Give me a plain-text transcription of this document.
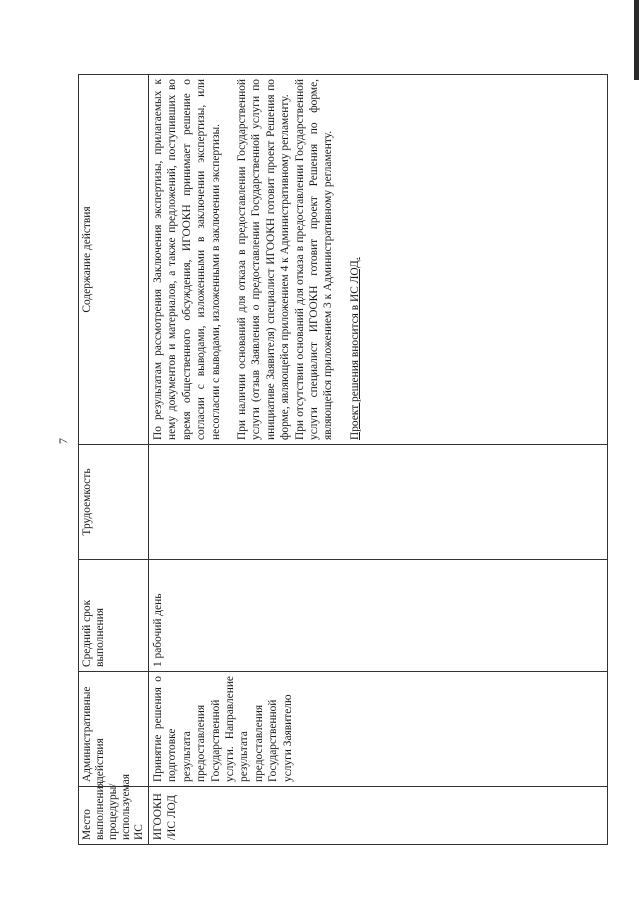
7
Место выполнения процедуры/используемая ИС	Административные действия	Средний срок выполнения	Трудоемкость	Содержание действия
ИГООКН /ИС ЛОД	Принятие решения о подготовке результата предоставления Государственной услуги. Направление результата предоставления Государственной услуги Заявителю	1 рабочий день		По результатам рассмотрения Заключения экспертизы, прилагаемых к нему документов и материалов, а также предложений, поступивших во время общественного обсуждения, ИГООКН принимает решение о согласии с выводами, изложенными в заключении экспертизы, или несогласии с выводами, изложенными в заключении экспертизы. При наличии оснований для отказа в предоставлении Государственной услуги (отзыв Заявления о предоставлении Государственной услуги по инициативе Заявителя) специалист ИГООКН готовит проект Решения по форме, являющейся приложением 4 к Административному регламенту. При отсутствии оснований для отказа в предоставлении Государственной услуги специалист ИГООКН готовит проект Решения по форме, являющейся приложением 3 к Административному регламенту. Проект решения вносится в ИС ЛОД.
